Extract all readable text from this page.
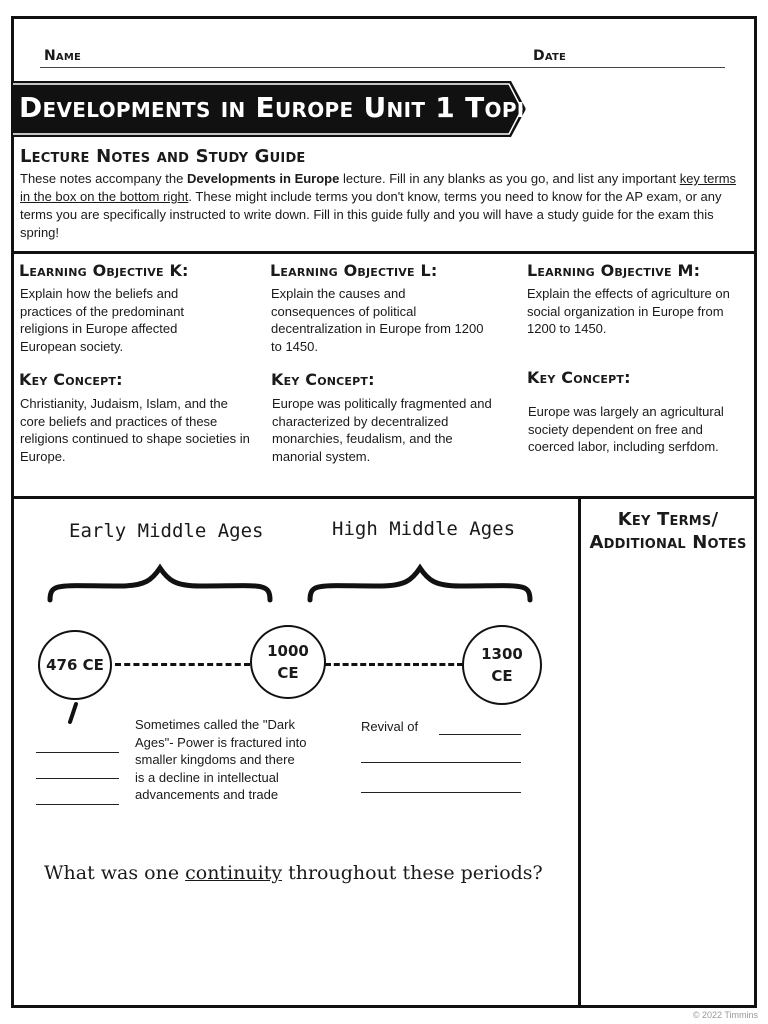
Name	Date
Developments in Europe Unit 1 Topic 6
Lecture Notes and Study Guide
These notes accompany the Developments in Europe lecture. Fill in any blanks as you go, and list any important key terms in the box on the bottom right. These might include terms you don't know, terms you need to know for the AP exam, or any terms you are specifically instructed to write down. Fill in this guide fully and you will have a study guide for the exam this spring!
Learning Objective K:
Explain how the beliefs and practices of the predominant religions in Europe affected European society.
Key Concept:
Christianity, Judaism, Islam, and the core beliefs and practices of these religions continued to shape societies in Europe.
Learning Objective L:
Explain the causes and consequences of political decentralization in Europe from 1200 to 1450.
Key Concept:
Europe was politically fragmented and characterized by decentralized monarchies, feudalism, and the manorial system.
Learning Objective M:
Explain the effects of agriculture on social organization in Europe from 1200 to 1450.
Key Concept:
Europe was largely an agricultural society dependent on free and coerced labor, including serfdom.
Early Middle Ages	High Middle Ages
476 CE
1000 CE
1300 CE
Sometimes called the "Dark Ages"- Power is fractured into smaller kingdoms and there is a decline in intellectual advancements and trade
Revival of
What was one continuity throughout these periods?
Key Terms/ Additional Notes
© 2022 Timmins
